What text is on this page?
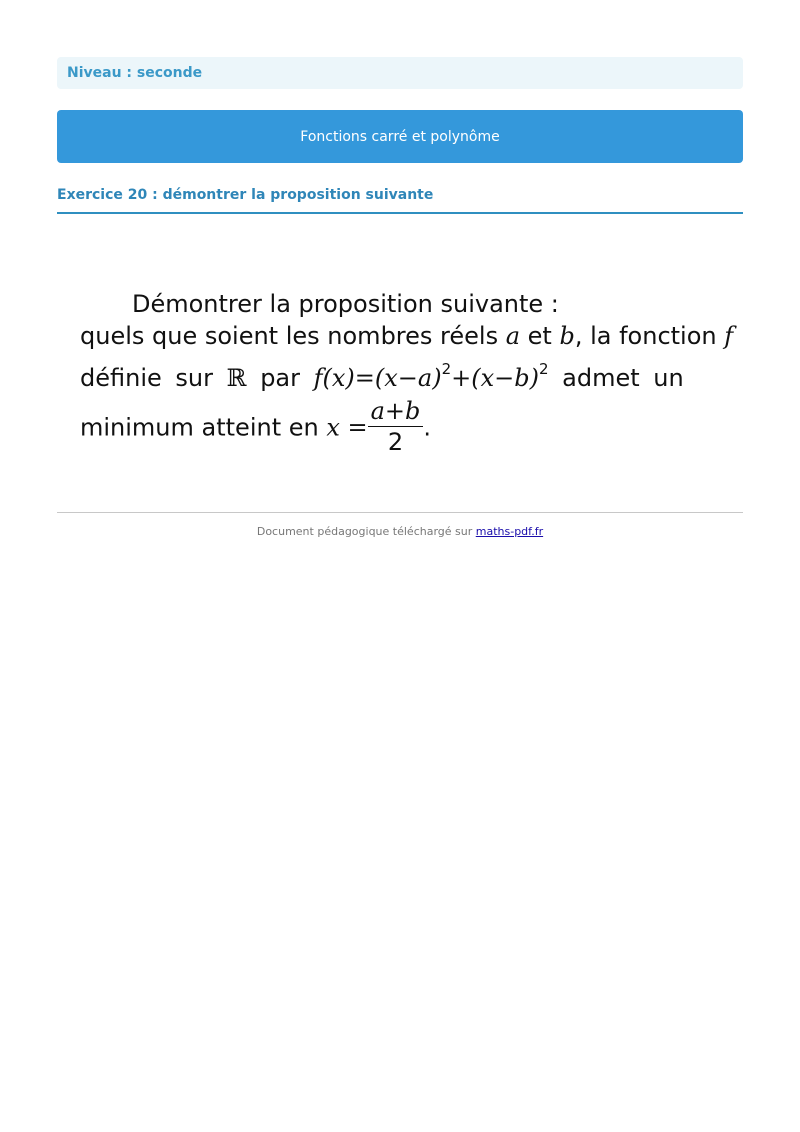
Niveau : seconde
Fonctions carré et polynôme
Exercice 20 : démontrer la proposition suivante
Démontrer la proposition suivante :
quels que soient les nombres réels a et b, la fonction f
définie sur ℝ par $f(x)=(x-a)^2+(x-b)^2$ admet un
minimum atteint en $x = \frac{a+b}{2}$ .
Document pédagogique téléchargé sur maths-pdf.fr
